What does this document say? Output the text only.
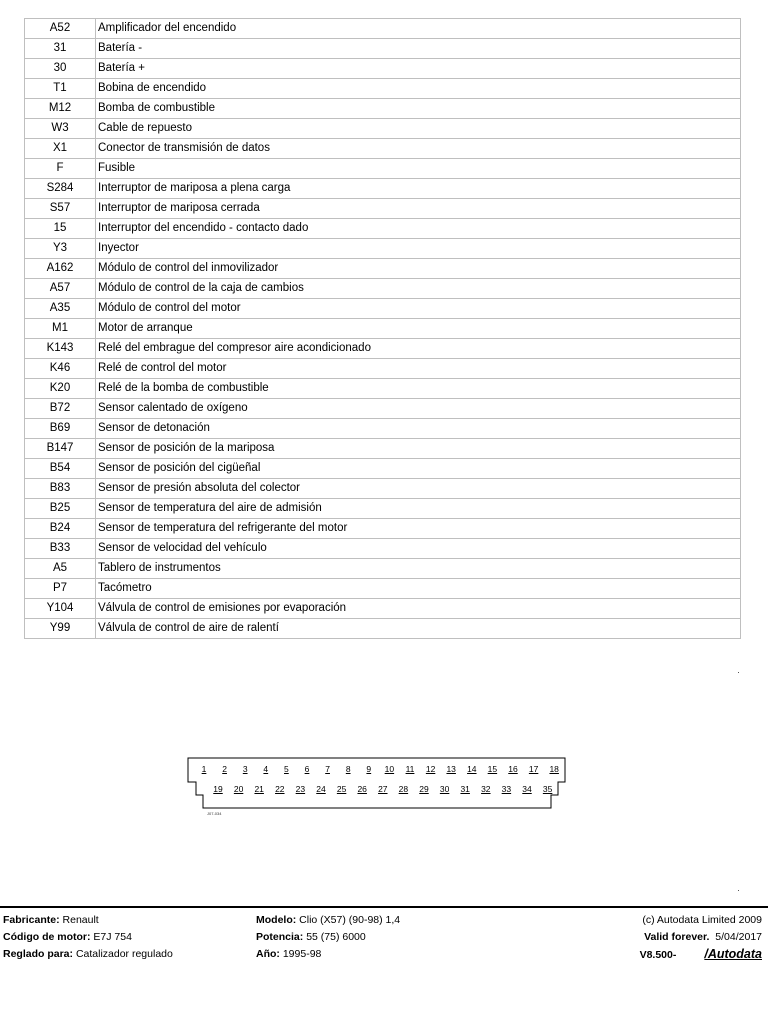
A52	Amplificador del encendido
31	Batería -
30	Batería +
T1	Bobina de encendido
M12	Bomba de combustible
W3	Cable de repuesto
X1	Conector de transmisión de datos
F	Fusible
S284	Interruptor de mariposa a plena carga
S57	Interruptor de mariposa cerrada
15	Interruptor del encendido - contacto dado
Y3	Inyector
A162	Módulo de control del inmovilizador
A57	Módulo de control de la caja de cambios
A35	Módulo de control del motor
M1	Motor de arranque
K143	Relé del embrague del compresor aire acondicionado
K46	Relé de control del motor
K20	Relé de la bomba de combustible
B72	Sensor calentado de oxígeno
B69	Sensor de detonación
B147	Sensor de posición de la mariposa
B54	Sensor de posición del cigüeñal
B83	Sensor de presión absoluta del colector
B25	Sensor de temperatura del aire de admisión
B24	Sensor de temperatura del refrigerante del motor
B33	Sensor de velocidad del vehículo
A5	Tablero de instrumentos
P7	Tacómetro
Y104	Válvula de control de emisiones por evaporación
Y99	Válvula de control de aire de ralentí
1	2	3	4	5	6	7	8	9	10	11	12	13	14	15	16	17	18
19	20	21	22	23	24	25	26	27	28	29	30	31	32	33	34	35
J07-034
Fabricante: Renault
Código de motor: E7J 754
Reglado para: Catalizador regulado
Modelo: Clio (X57) (90-98) 1,4
Potencia: 55 (75) 6000
Año: 1995-98
(c) Autodata Limited 2009
Valid forever. 5/04/2017
V8.500- /Autodata
